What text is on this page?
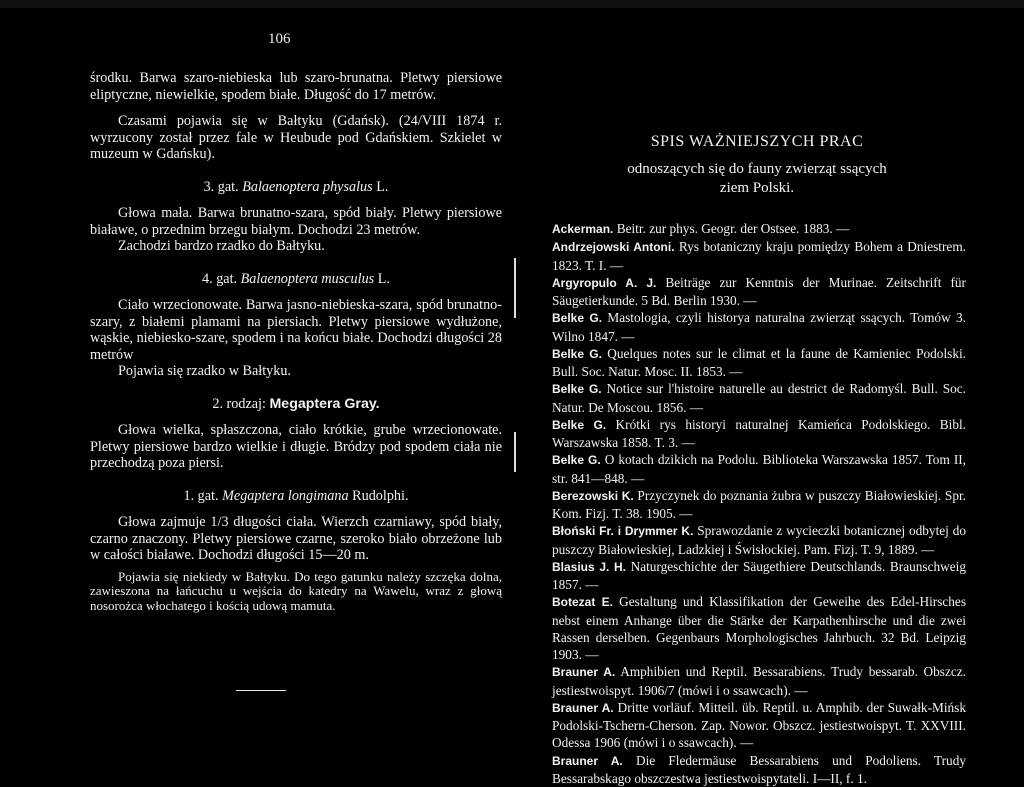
106

środku. Barwa szaro-niebieska lub szaro-brunatna. Pletwy piersiowe eliptyczne, niewielkie, spodem białe. Długość do 17 metrów.

Czasami pojawia się w Bałtyku (Gdańsk). (24/VIII 1874 r. wyrzucony został przez fale w Heubude pod Gdańskiem. Szkielet w muzeum w Gdańsku).

3. gat. Balaenoptera physalus L.

Głowa mała. Barwa brunatno-szara, spód biały. Pletwy piersiowe białawe, o przednim brzegu białym. Dochodzi 23 metrów.

Zachodzi bardzo rzadko do Bałtyku.

4. gat. Balaenoptera musculus L.

Ciało wrzecionowate. Barwa jasno-niebieska-szara, spód brunatno-szary, z białemi plamami na piersiach. Pletwy piersiowe wydłużone, wąskie, niebiesko-szare, spodem i na końcu białe. Dochodzi długości 28 metrów

Pojawia się rzadko w Bałtyku.

2. rodzaj: Megaptera Gray.

Głowa wielka, spłaszczona, ciało krótkie, grube wrzecionowate. Pletwy piersiowe bardzo wielkie i długie. Bródzy pod spodem ciała nie przechodzą poza piersi.

1. gat. Megaptera longimana Rudolphi.

Głowa zajmuje 1/3 długości ciała. Wierzch czarniawy, spód biały, czarno znaczony. Pletwy piersiowe czarne, szeroko biało obrzeżone lub w całości białawe. Dochodzi długości 15—20 m.

Pojawia się niekiedy w Bałtyku. Do tego gatunku należy szczęka dolna, zawieszona na łańcuchu u wejścia do katedry na Wawelu, wraz z głową nosorożca włochatego i kością udową mamuta.

SPIS WAŻNIEJSZYCH PRAC
odnoszących się do fauny zwierząt ssących
ziem Polski.

Ackerman. Beitr. zur phys. Geogr. der Ostsee. 1883. —

Andrzejowski Antoni. Rys botaniczny kraju pomiędzy Bohem a Dniestrem. 1823. T. I. —

Argyropulo A. J. Beiträge zur Kenntnis der Murinae. Zeitschrift für Säugetierkunde. 5 Bd. Berlin 1930. —

Belke G. Mastologia, czyli historya naturalna zwierząt ssących. Tomów 3. Wilno 1847. —

Belke G. Quelques notes sur le climat et la faune de Kamieniec Podolski. Bull. Soc. Natur. Mosc. II. 1853. —

Belke G. Notice sur l'histoire naturelle au destrict de Radomyśl. Bull. Soc. Natur. De Moscou. 1856. —

Belke G. Krótki rys historyi naturalnej Kamieńca Podolskiego. Bibl. Warszawska 1858. T. 3. —

Belke G. O kotach dzikich na Podolu. Biblioteka Warszawska 1857. Tom II, str. 841—848. —

Berezowski K. Przyczynek do poznania żubra w puszczy Białowieskiej. Spr. Kom. Fizj. T. 38. 1905. —

Błoński Fr. i Drymmer K. Sprawozdanie z wycieczki botanicznej odbytej do puszczy Białowieskiej, Ladzkiej i Świsłockiej. Pam. Fizj. T. 9, 1889. —

Blasius J. H. Naturgeschichte der Säugethiere Deutschlands. Braunschweig 1857. —

Botezat E. Gestaltung und Klassifikation der Geweihe des Edel-Hirsches nebst einem Anhange über die Stärke der Karpathenhirsche und die zwei Rassen derselben. Gegenbaurs Morphologisches Jahrbuch. 32 Bd. Leipzig 1903. —

Brauner A. Amphibien und Reptil. Bessarabiens. Trudy bessarab. Obszcz. jestiestwoispyt. 1906/7 (mówi i o ssawcach). —

Brauner A. Dritte vorläuf. Mitteil. üb. Reptil. u. Amphib. der Suwałk-Mińsk Podolski-Tschern-Cherson. Zap. Nowor. Obszcz. jestiestwoispyt. T. XXVIII. Odessa 1906 (mówi i o ssawcach). —

Brauner A. Die Fledermäuse Bessarabiens und Podoliens. Trudy Bessarabskago obszczestwa jestiestwoispytateli. I—II, f. 1.
